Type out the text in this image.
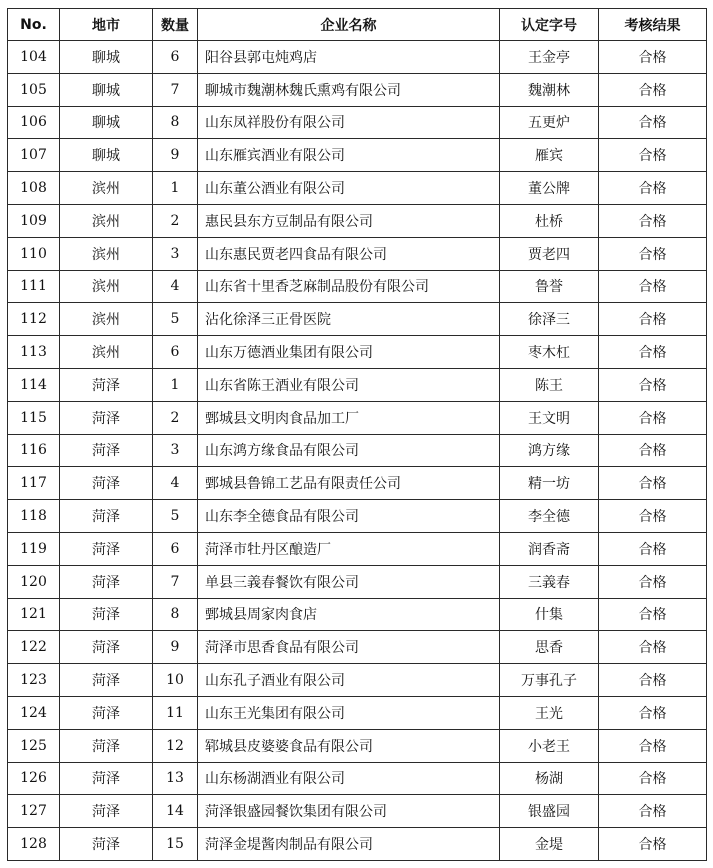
No.	地市	数量	企业名称	认定字号	考核结果
104	聊城	6	阳谷县郭屯炖鸡店	王金亭	合格
105	聊城	7	聊城市魏潮林魏氏熏鸡有限公司	魏潮林	合格
106	聊城	8	山东凤祥股份有限公司	五更炉	合格
107	聊城	9	山东雁宾酒业有限公司	雁宾	合格
108	滨州	1	山东董公酒业有限公司	董公牌	合格
109	滨州	2	惠民县东方豆制品有限公司	杜桥	合格
110	滨州	3	山东惠民贾老四食品有限公司	贾老四	合格
111	滨州	4	山东省十里香芝麻制品股份有限公司	鲁誉	合格
112	滨州	5	沾化徐泽三正骨医院	徐泽三	合格
113	滨州	6	山东万德酒业集团有限公司	枣木杠	合格
114	菏泽	1	山东省陈王酒业有限公司	陈王	合格
115	菏泽	2	鄄城县文明肉食品加工厂	王文明	合格
116	菏泽	3	山东鸿方缘食品有限公司	鸿方缘	合格
117	菏泽	4	鄄城县鲁锦工艺品有限责任公司	精一坊	合格
118	菏泽	5	山东李全德食品有限公司	李全德	合格
119	菏泽	6	菏泽市牡丹区酿造厂	润香斋	合格
120	菏泽	7	单县三義春餐饮有限公司	三義春	合格
121	菏泽	8	鄄城县周家肉食店	什集	合格
122	菏泽	9	菏泽市思香食品有限公司	思香	合格
123	菏泽	10	山东孔子酒业有限公司	万事孔子	合格
124	菏泽	11	山东王光集团有限公司	王光	合格
125	菏泽	12	郓城县皮婆婆食品有限公司	小老王	合格
126	菏泽	13	山东杨湖酒业有限公司	杨湖	合格
127	菏泽	14	菏泽银盛园餐饮集团有限公司	银盛园	合格
128	菏泽	15	菏泽金堤酱肉制品有限公司	金堤	合格
